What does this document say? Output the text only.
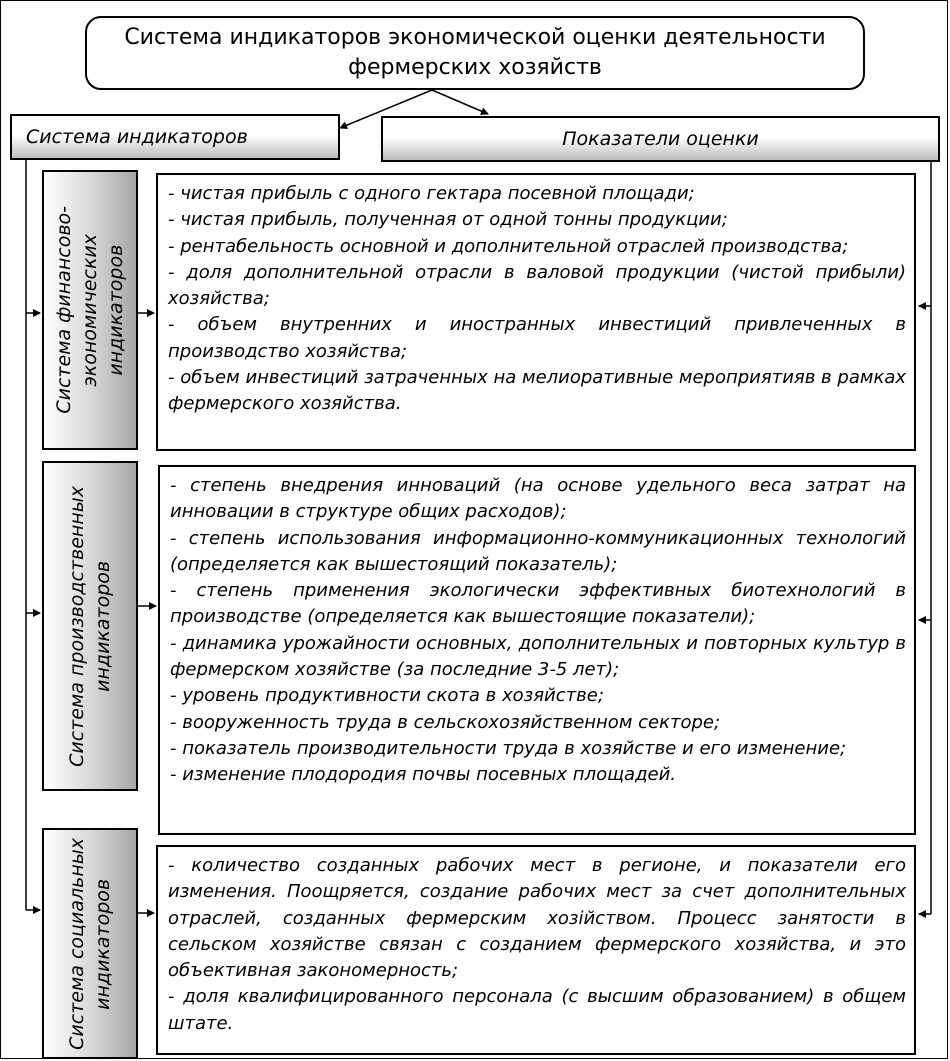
Система индикаторов экономической оценки деятельности фермерских хозяйств
Система индикаторов	Показатели оценки
Система финансово-
экономических
индикаторов

- чистая прибыль с одного гектара посевной площади;

- чистая прибыль, полученная от одной тонны продукции;

- рентабельность основной и дополнительной отраслей производства;

- доля дополнительной отрасли в валовой продукции (чистой прибыли) хозяйства;

- объем внутренних и иностранных инвестиций привлеченных в производство хозяйства;

- объем инвестиций затраченных на мелиоративные мероприятияв в рамках фермерского хозяйства.

Система производственных
индикаторов

- степень внедрения инноваций (на основе удельного веса затрат на инновации в структуре общих расходов);

- степень использования информационно-коммуникационных технологий (определяется как вышестоящий показатель);

- степень применения экологически эффективных биотехнологий в производстве (определяется как вышестоящие показатели);

- динамика урожайности основных, дополнительных и повторных культур в фермерском хозяйстве (за последние 3-5 лет);

- уровень продуктивности скота в хозяйстве;

- вооруженность труда в сельскохозяйственном секторе;

- показатель производительности труда в хозяйстве и его изменение;

- изменение плодородия почвы посевных площадей.

Система социальных
индикаторов

- количество созданных рабочих мест в регионе, и показатели его изменения. Поощряется, создание рабочих мест за счет дополнительных отраслей, созданных фермерским хозійством. Процесс занятости в сельском хозяйстве связан с созданием фермерского хозяйства, и это объективная закономерность;

- доля квалифицированного персонала (с высшим образованием) в общем штате.
